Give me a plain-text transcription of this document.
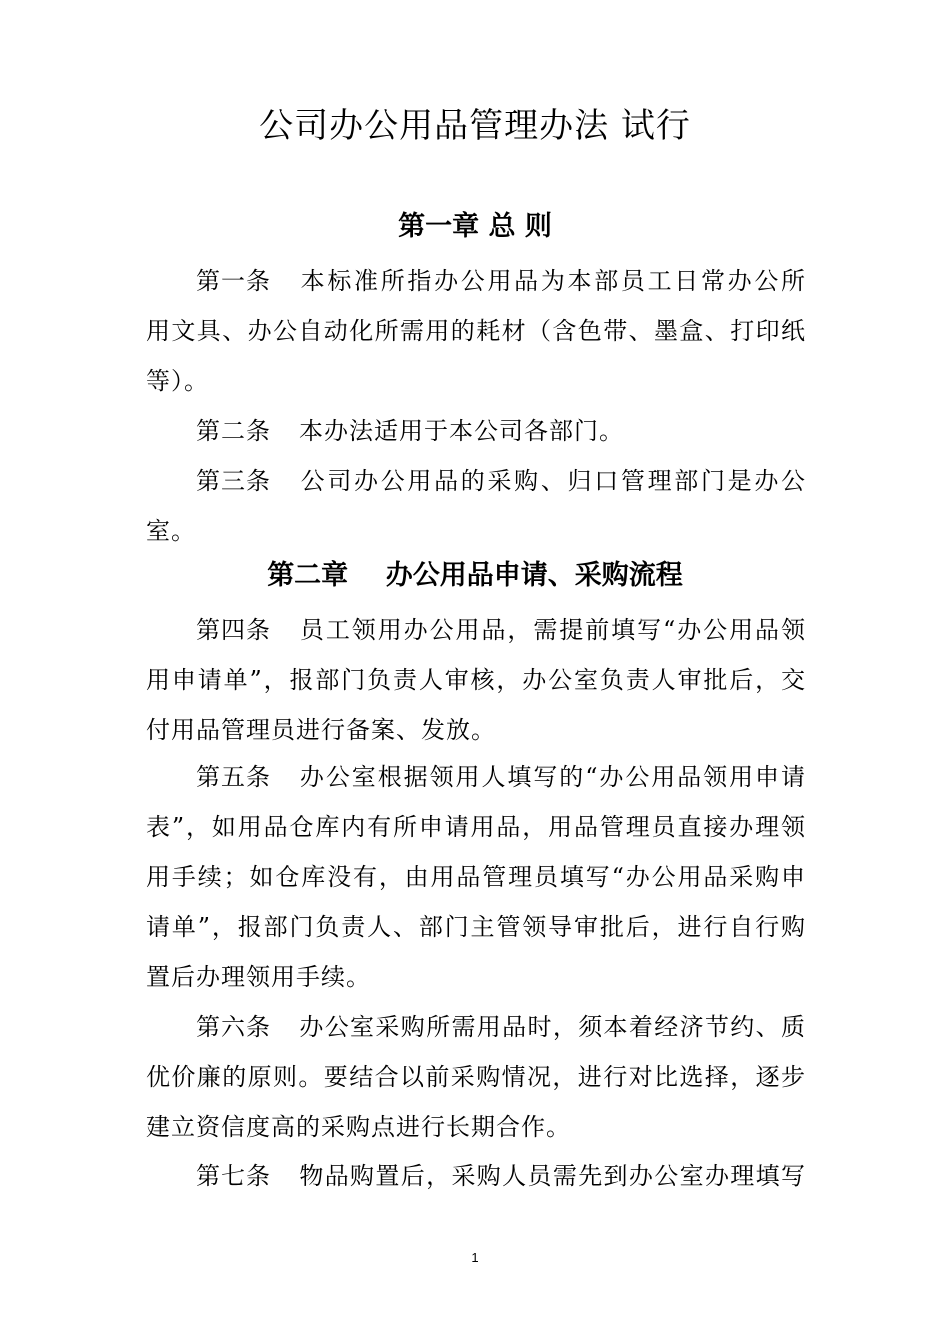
公司办公用品管理办法 试行
第一章 总 则
第一条 本标准所指办公用品为本部员工日常办公所
用文具、办公自动化所需用的耗材（含色带、墨盒、打印纸
等）。
第二条 本办法适用于本公司各部门。
第三条 公司办公用品的采购、归口管理部门是办公
室。
第二章    办公用品申请、采购流程
第四条 员工领用办公用品，需提前填写“办公用品领
用申请单”，报部门负责人审核，办公室负责人审批后，交
付用品管理员进行备案、发放。
第五条 办公室根据领用人填写的“办公用品领用申请
表”，如用品仓库内有所申请用品，用品管理员直接办理领
用手续；如仓库没有，由用品管理员填写“办公用品采购申
请单”，报部门负责人、部门主管领导审批后，进行自行购
置后办理领用手续。
第六条 办公室采购所需用品时，须本着经济节约、质
优价廉的原则。要结合以前采购情况，进行对比选择，逐步
建立资信度高的采购点进行长期合作。
第七条 物品购置后，采购人员需先到办公室办理填写
1
